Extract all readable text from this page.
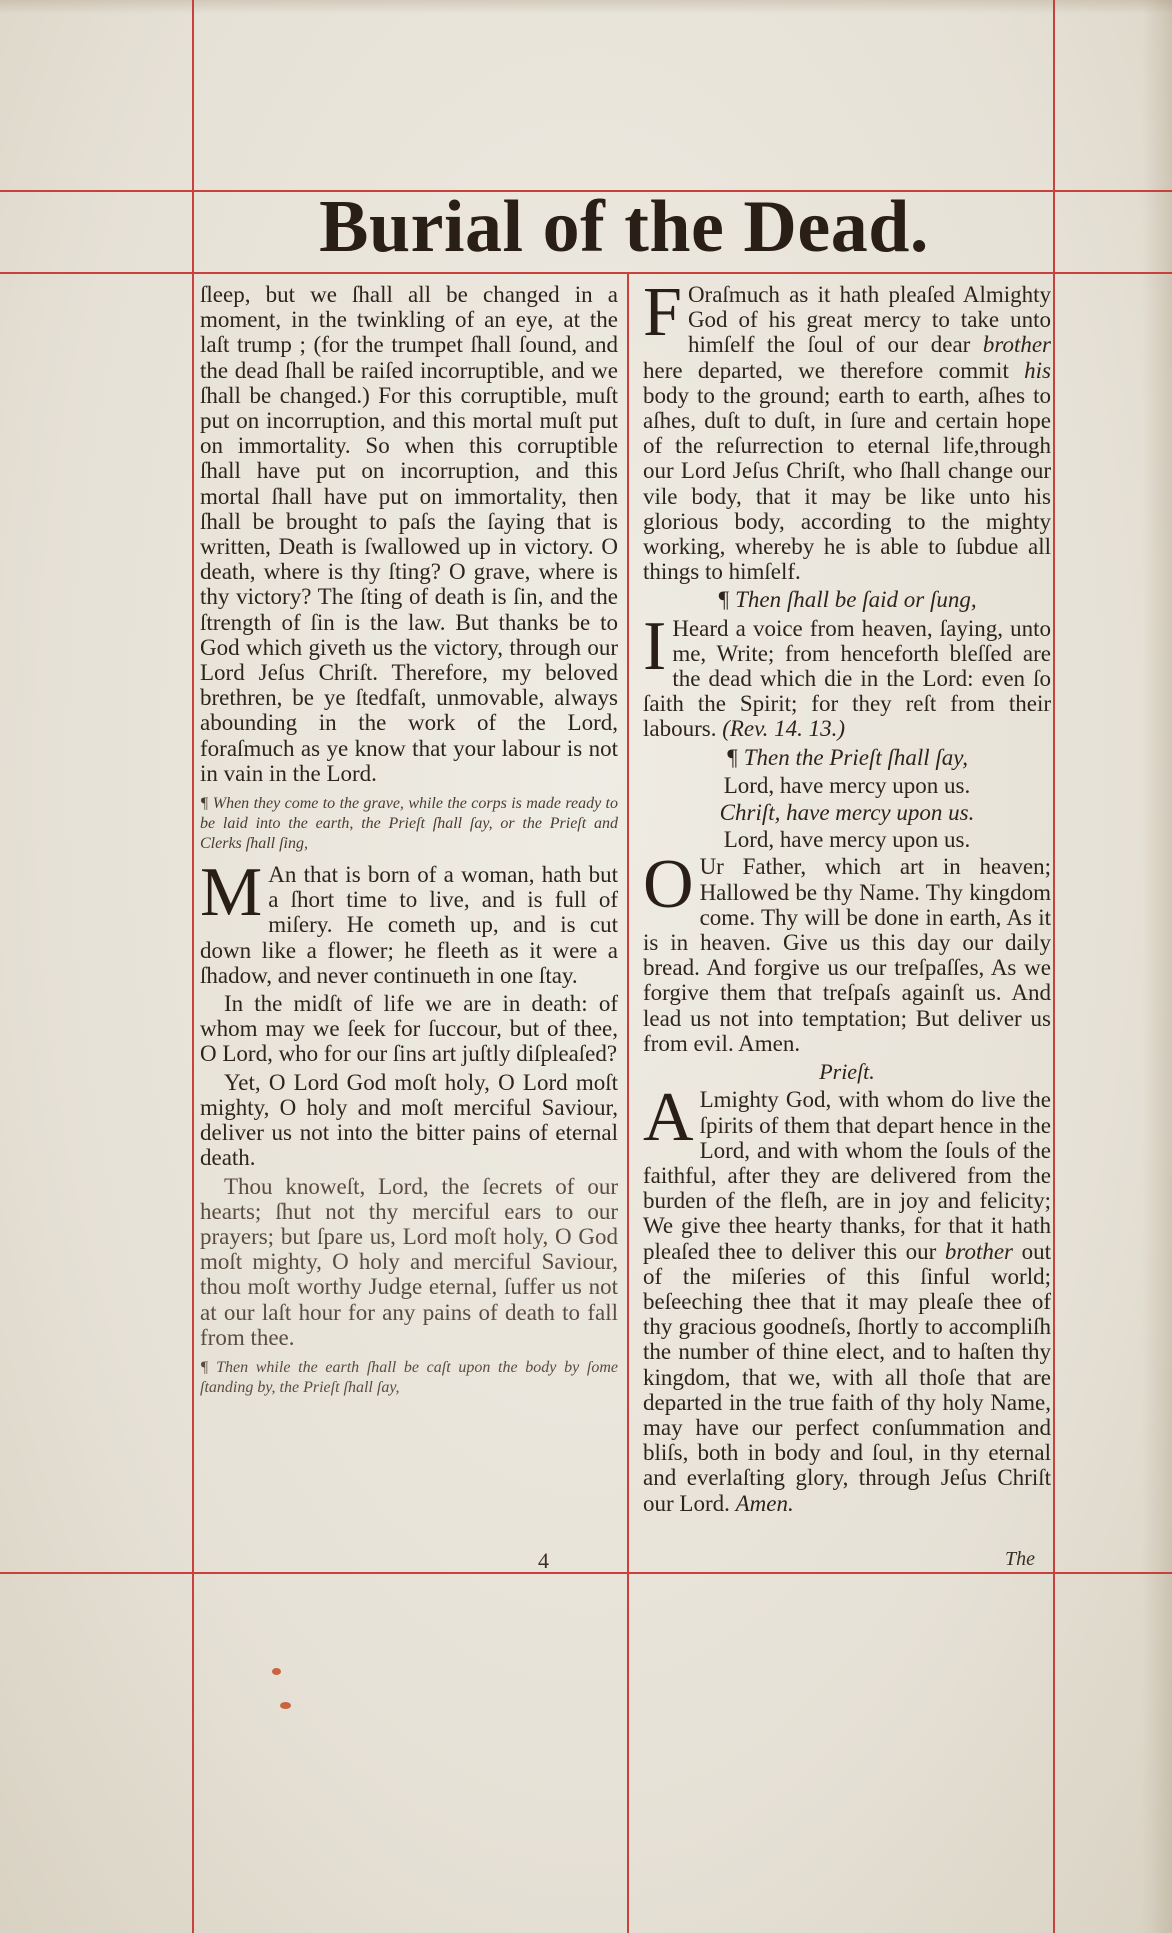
Burial of the Dead.

ſleep, but we ſhall all be changed in a moment, in the twinkling of an eye, at the laſt trump ; (for the trumpet ſhall ſound, and the dead ſhall be raiſed incorruptible, and we ſhall be changed.) For this corruptible, muſt put on incorruption, and this mortal muſt put on immortality. So when this corruptible ſhall have put on incorruption, and this mortal ſhall have put on immortality, then ſhall be brought to paſs the ſaying that is written, Death is ſwallowed up in victory. O death, where is thy ſting? O grave, where is thy victory? The ſting of death is ſin, and the ſtrength of ſin is the law. But thanks be to God which giveth us the victory, through our Lord Jeſus Chriſt. Therefore, my beloved brethren, be ye ſtedfaſt, unmovable, always abounding in the work of the Lord, foraſmuch as ye know that your labour is not in vain in the Lord.

¶ When they come to the grave, while the corps is made ready to be laid into the earth, the Prieſt ſhall ſay, or the Prieſt and Clerks ſhall ſing,

M An that is born of a woman, hath but a ſhort time to live, and is full of miſery. He cometh up, and is cut down like a flower; he fleeth as it were a ſhadow, and never continueth in one ſtay.

In the midſt of life we are in death: of whom may we ſeek for ſuccour, but of thee, O Lord, who for our ſins art juſtly diſpleaſed?

Yet, O Lord God moſt holy, O Lord moſt mighty, O holy and moſt merciful Saviour, deliver us not into the bitter pains of eternal death.

Thou knoweſt, Lord, the ſecrets of our hearts; ſhut not thy merciful ears to our prayers; but ſpare us, Lord moſt holy, O God moſt mighty, O holy and merciful Saviour, thou moſt worthy Judge eternal, ſuffer us not at our laſt hour for any pains of death to fall from thee.

¶ Then while the earth ſhall be caſt upon the body by ſome ſtanding by, the Prieſt ſhall ſay,

F Oraſmuch as it hath pleaſed Almighty God of his great mercy to take unto himſelf the ſoul of our dear brother here departed, we therefore commit his body to the ground; earth to earth, aſhes to aſhes, duſt to duſt, in ſure and certain hope of the reſurrection to eternal life,through our Lord Jeſus Chriſt, who ſhall change our vile body, that it may be like unto his glorious body, according to the mighty working, whereby he is able to ſubdue all things to himſelf.

¶ Then ſhall be ſaid or ſung,

I Heard a voice from heaven, ſaying, unto me, Write; from henceforth bleſſed are the dead which die in the Lord: even ſo ſaith the Spirit; for they reſt from their labours. (Rev. 14. 13.)

¶ Then the Prieſt ſhall ſay,

Lord, have mercy upon us.

Chriſt, have mercy upon us.

Lord, have mercy upon us.

O Ur Father, which art in heaven; Hallowed be thy Name. Thy kingdom come. Thy will be done in earth, As it is in heaven. Give us this day our daily bread. And forgive us our treſpaſſes, As we forgive them that treſpaſs againſt us. And lead us not into temptation; But deliver us from evil. Amen.

Prieſt.

A Lmighty God, with whom do live the ſpirits of them that depart hence in the Lord, and with whom the ſouls of the faithful, after they are delivered from the burden of the fleſh, are in joy and felicity; We give thee hearty thanks, for that it hath pleaſed thee to deliver this our brother out of the miſeries of this ſinful world; beſeeching thee that it may pleaſe thee of thy gracious goodneſs, ſhortly to accompliſh the number of thine elect, and to haſten thy kingdom, that we, with all thoſe that are departed in the true faith of thy holy Name, may have our perfect conſummation and bliſs, both in body and ſoul, in thy eternal and everlaſting glory, through Jeſus Chriſt our Lord. Amen.

4	The
